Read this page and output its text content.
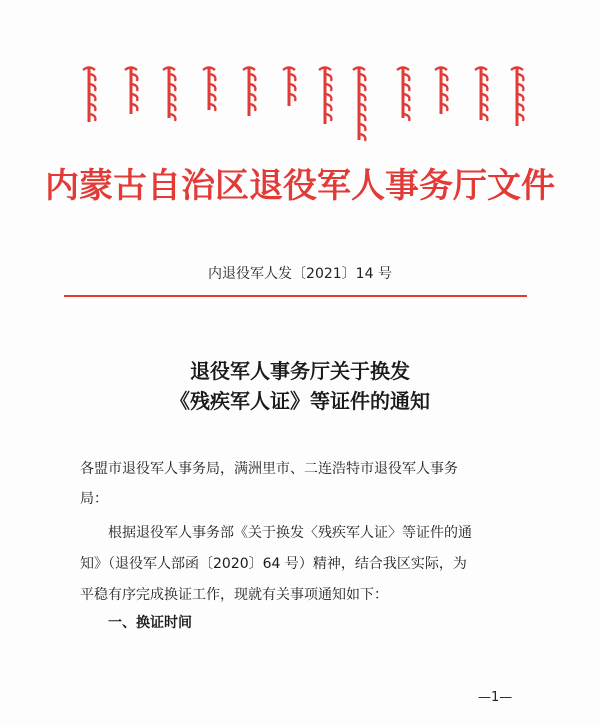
内蒙古自治区退役军人事务厅文件
内退役军人发〔2021〕14 号
退役军人事务厅关于换发
《残疾军人证》等证件的通知
各盟市退役军人事务局，满洲里市、二连浩特市退役军人事务
局：
根据退役军人事务部《关于换发〈残疾军人证〉等证件的通
知》（退役军人部函〔2020〕64 号）精神，结合我区实际，为
平稳有序完成换证工作，现就有关事项通知如下：
一、换证时间
—1—
